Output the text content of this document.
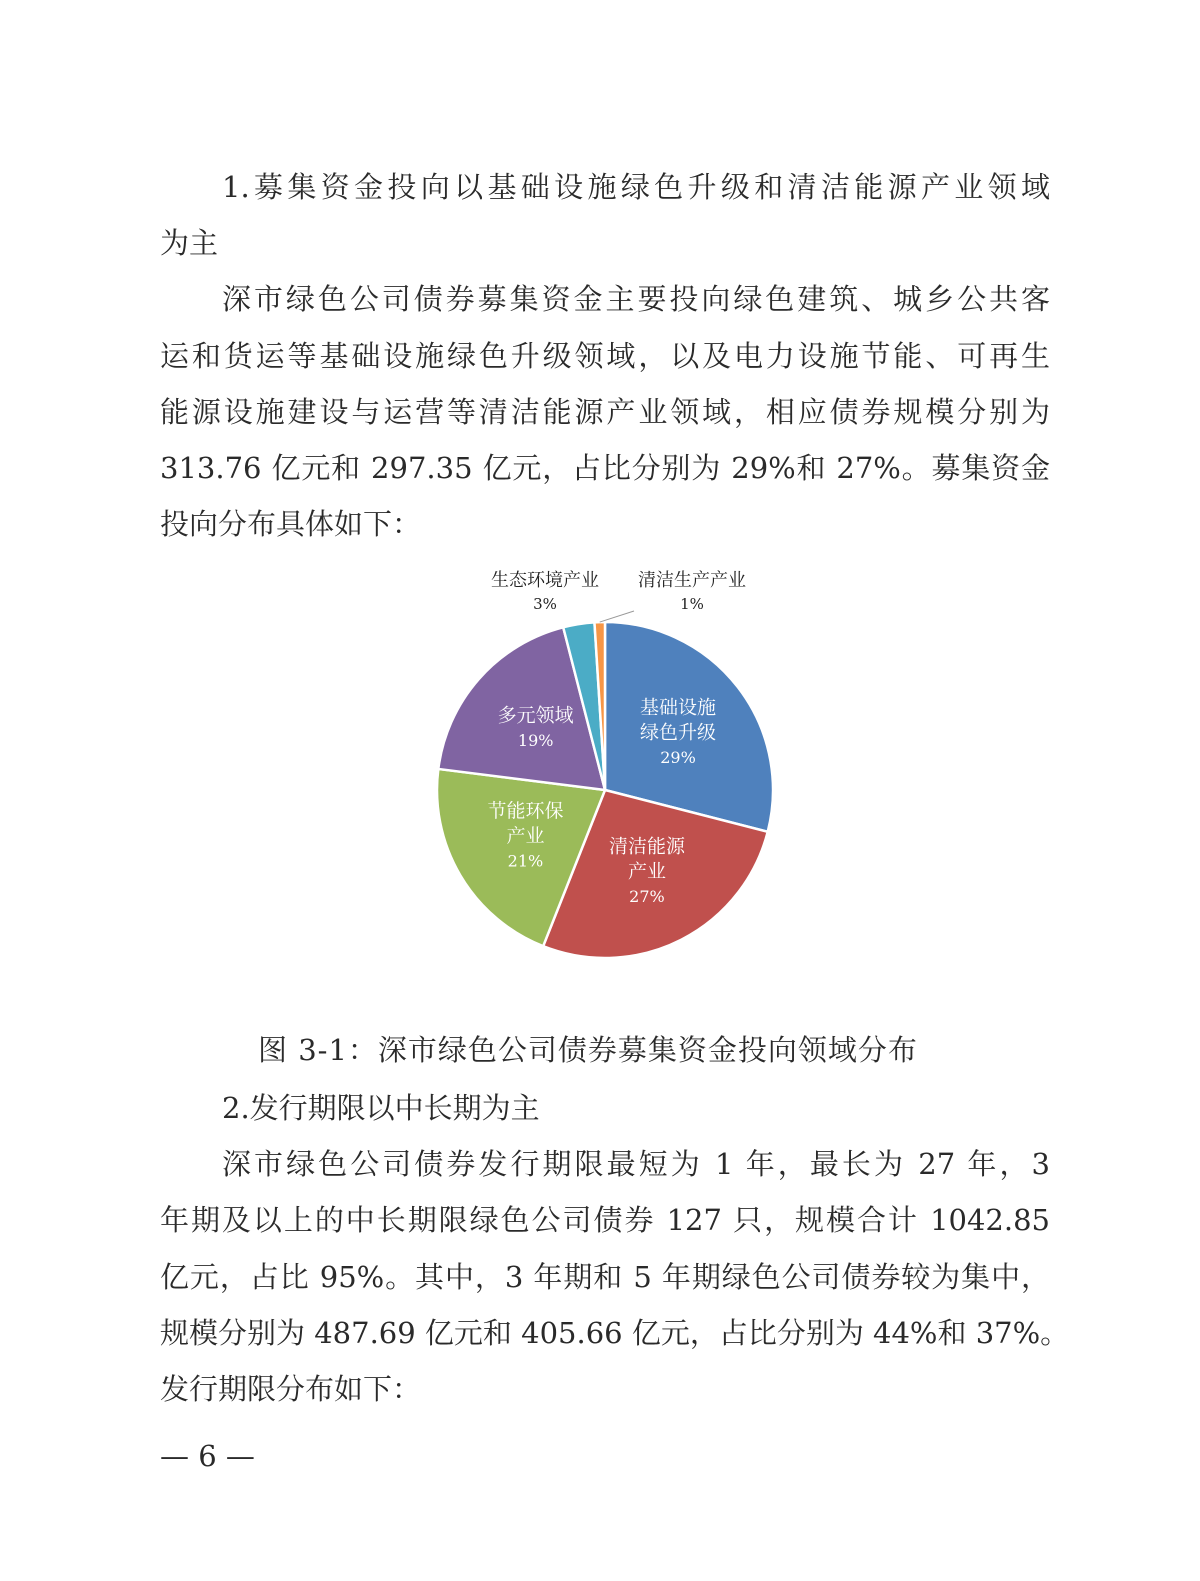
1.募集资金投向以基础设施绿色升级和清洁能源产业领域
为主
深市绿色公司债券募集资金主要投向绿色建筑、城乡公共客
运和货运等基础设施绿色升级领域，以及电力设施节能、可再生
能源设施建设与运营等清洁能源产业领域，相应债券规模分别为
313.76 亿元和 297.35 亿元，占比分别为 29%和 27%。募集资金
投向分布具体如下：
基础设施
绿色升级
29%
清洁能源
产业
27%
节能环保
产业
21%
多元领域
19%
生态环境产业
3%
清洁生产产业
1%
图 3-1：深市绿色公司债券募集资金投向领域分布
2.发行期限以中长期为主
深市绿色公司债券发行期限最短为 1 年，最长为 27 年，3
年期及以上的中长期限绿色公司债券 127 只，规模合计 1042.85
亿元，占比 95%。其中，3 年期和 5 年期绿色公司债券较为集中，
规模分别为 487.69 亿元和 405.66 亿元，占比分别为 44%和 37%。
发行期限分布如下：
— 6 —
